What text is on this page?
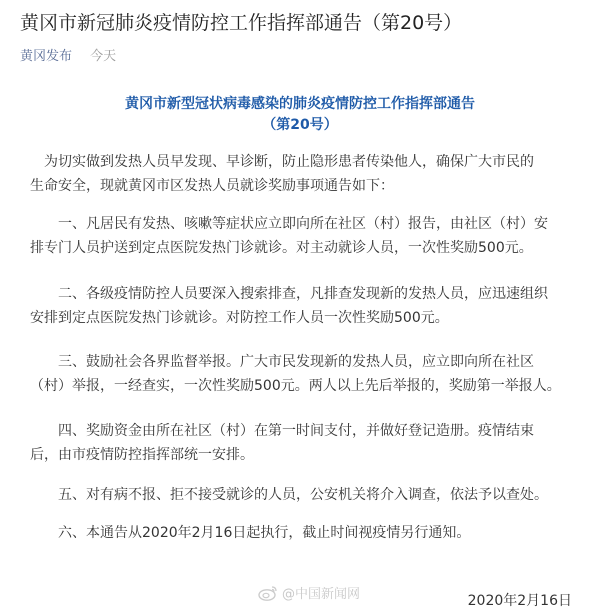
黄冈市新冠肺炎疫情防控工作指挥部通告（第20号）
黄冈发布 今天
黄冈市新型冠状病毒感染的肺炎疫情防控工作指挥部通告
（第20号）
为切实做到发热人员早发现、早诊断，防止隐形患者传染他人，确保广大市民的
生命安全，现就黄冈市区发热人员就诊奖励事项通告如下：
一、凡居民有发热、咳嗽等症状应立即向所在社区（村）报告，由社区（村）安
排专门人员护送到定点医院发热门诊就诊。对主动就诊人员，一次性奖励500元。
二、各级疫情防控人员要深入搜索排查，凡排查发现新的发热人员，应迅速组织
安排到定点医院发热门诊就诊。对防控工作人员一次性奖励500元。
三、鼓励社会各界监督举报。广大市民发现新的发热人员，应立即向所在社区
（村）举报，一经查实，一次性奖励500元。两人以上先后举报的，奖励第一举报人。
四、奖励资金由所在社区（村）在第一时间支付，并做好登记造册。疫情结束
后，由市疫情防控指挥部统一安排。
五、对有病不报、拒不接受就诊的人员，公安机关将介入调查，依法予以查处。
六、本通告从2020年2月16日起执行，截止时间视疫情另行通知。
@中国新闻网	2020年2月16日
